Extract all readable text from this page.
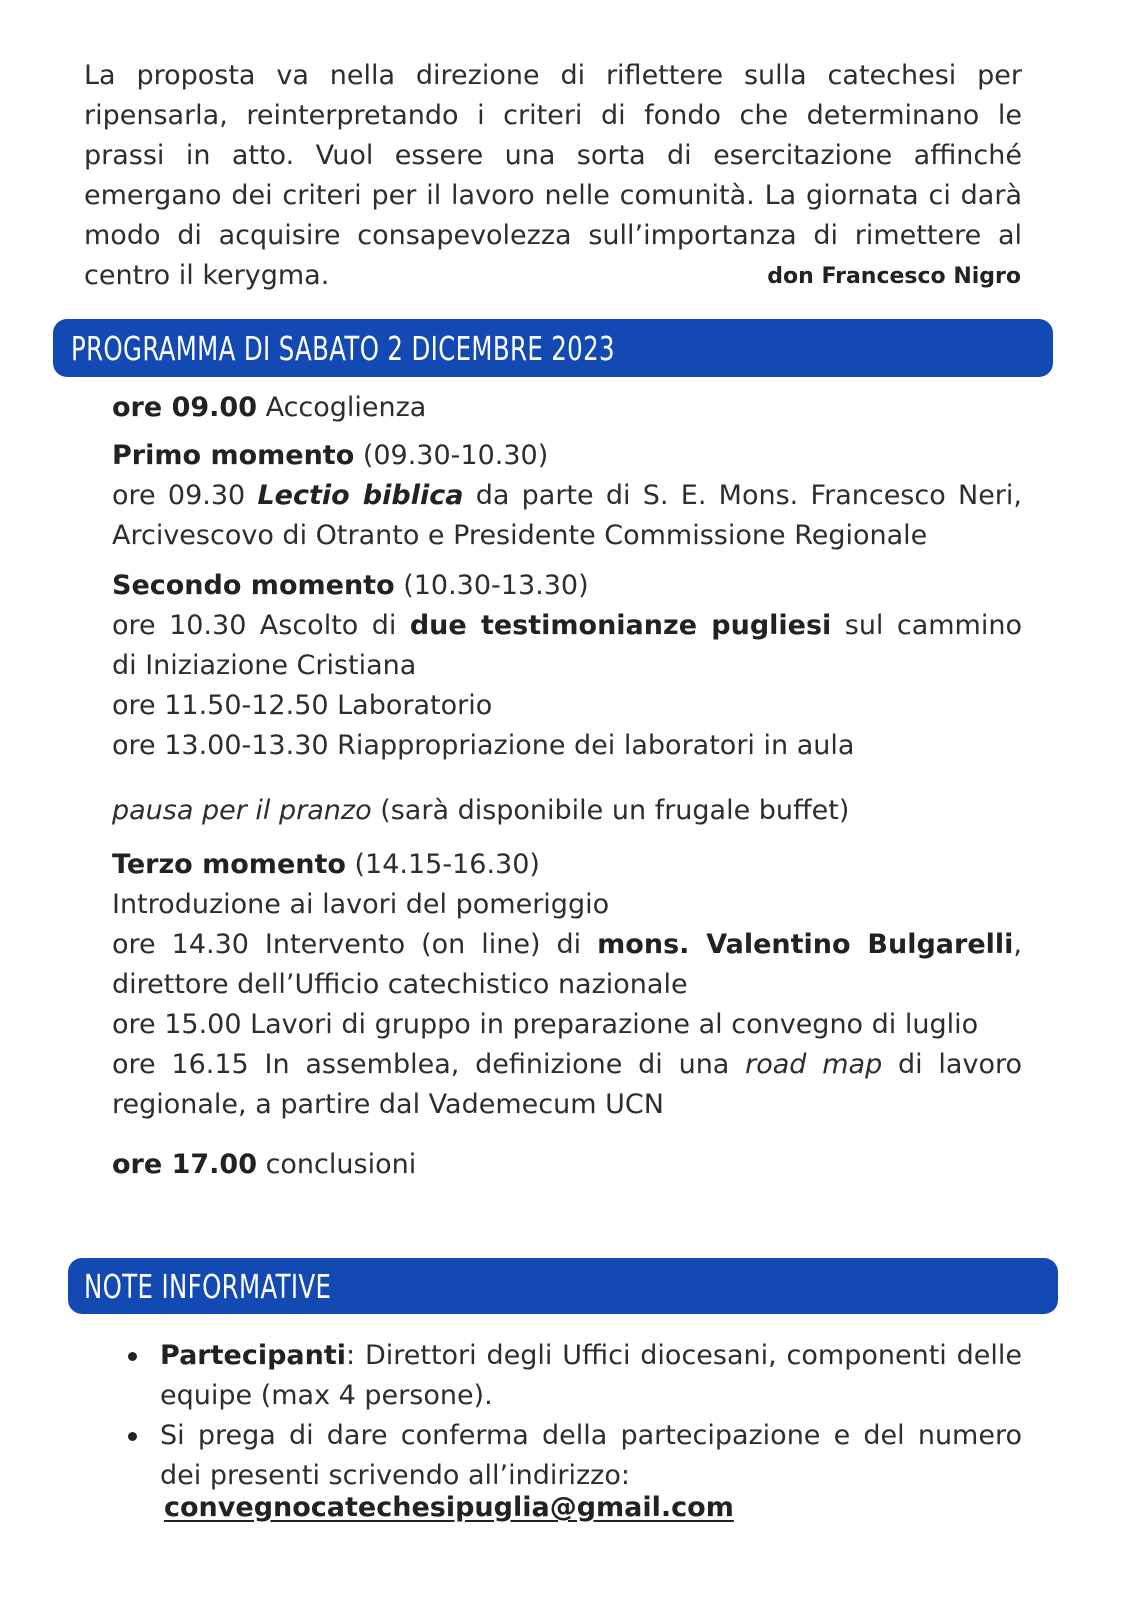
La proposta va nella direzione di riflettere sulla catechesi per ripensarla, reinterpretando i criteri di fondo che determinano le prassi in atto. Vuol essere una sorta di esercitazione affinché emergano dei criteri per il lavoro nelle comunità. La giornata ci darà modo di acquisire consapevolezza sull’importanza di rimettere al centro il kerygma.	don Francesco Nigro
PROGRAMMA DI SABATO 2 DICEMBRE 2023

ore 09.00 Accoglienza

Primo momento (09.30-10.30)

ore 09.30 Lectio biblica da parte di S. E. Mons. Francesco Neri,

Arcivescovo di Otranto e Presidente Commissione Regionale

Secondo momento (10.30-13.30)

ore 10.30 Ascolto di due testimonianze pugliesi sul cammino

di Iniziazione Cristiana

ore 11.50-12.50 Laboratorio

ore 13.00-13.30 Riappropriazione dei laboratori in aula

pausa per il pranzo (sarà disponibile un frugale buffet)

Terzo momento (14.15-16.30)

Introduzione ai lavori del pomeriggio

ore 14.30 Intervento (on line) di mons. Valentino Bulgarelli,

direttore dell’Ufficio catechistico nazionale

ore 15.00 Lavori di gruppo in preparazione al convegno di luglio

ore 16.15 In assemblea, definizione di una road map di lavoro

regionale, a partire dal Vademecum UCN

ore 17.00 conclusioni

NOTE INFORMATIVE
Partecipanti: Direttori degli Uffici diocesani, componenti delle equipe (max 4 persone).
Si prega di dare conferma della partecipazione e del numero dei presenti scrivendo all’indirizzo:
convegnocatechesipuglia@gmail.com
